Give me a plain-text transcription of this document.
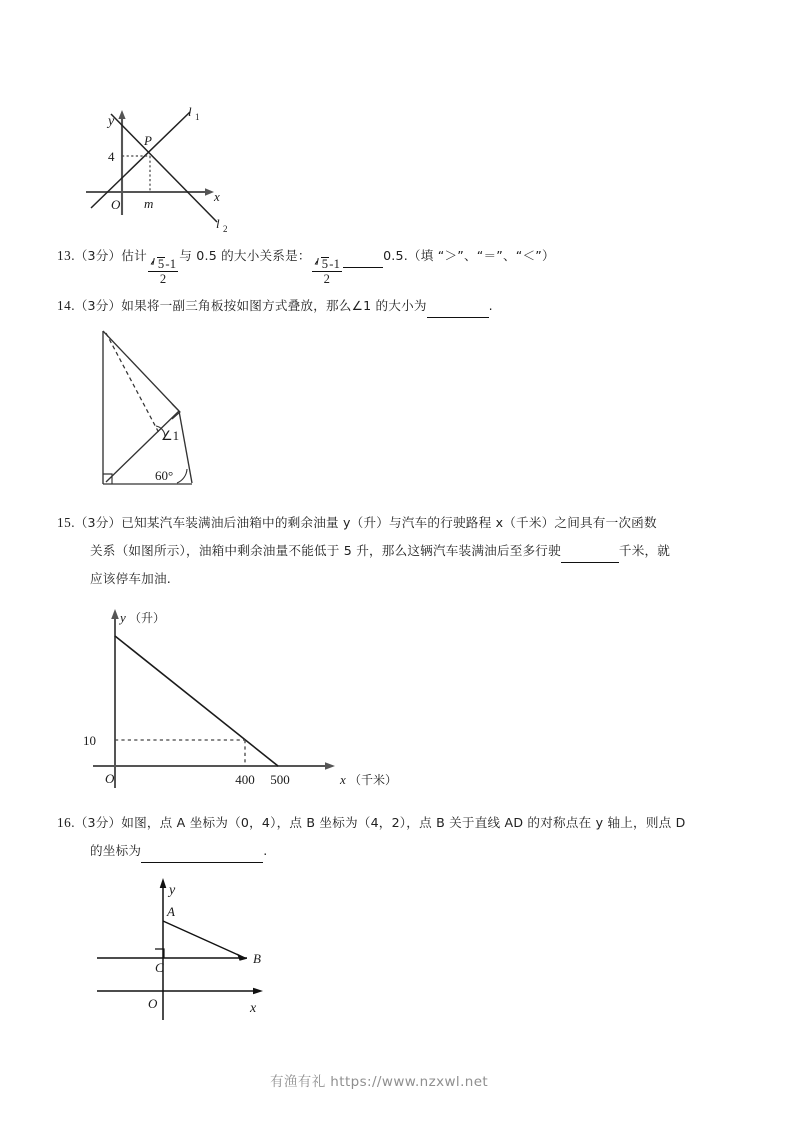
y
x
O
P
4
m
l 1
l 2
13.（3分）估计
$\frac{5-1}{2}$
与 0.5 的大小关系是：
$\frac{5-1}{2}$
0.5.（填 “＞”、“＝”、“＜”）
14.（3分）如果将一副三角板按如图方式叠放，那么∠1 的大小为	.
∠1
60°
15.（3分）已知某汽车装满油后油箱中的剩余油量 y（升）与汽车的行驶路程 x（千米）之间具有一次函数
关系（如图所示），油箱中剩余油量不能低于 5 升，那么这辆汽车装满油后至多行驶	千米，就
应该停车加油.
y （升）
x （千米）
O
10
400 500
16.（3分）如图，点 A 坐标为（0，4），点 B 坐标为（4，2），点 B 关于直线 AD 的对称点在 y 轴上，则点 D
的坐标为	.
y
x
O
A
B
C
有渔有礼 https://www.nzxwl.net
